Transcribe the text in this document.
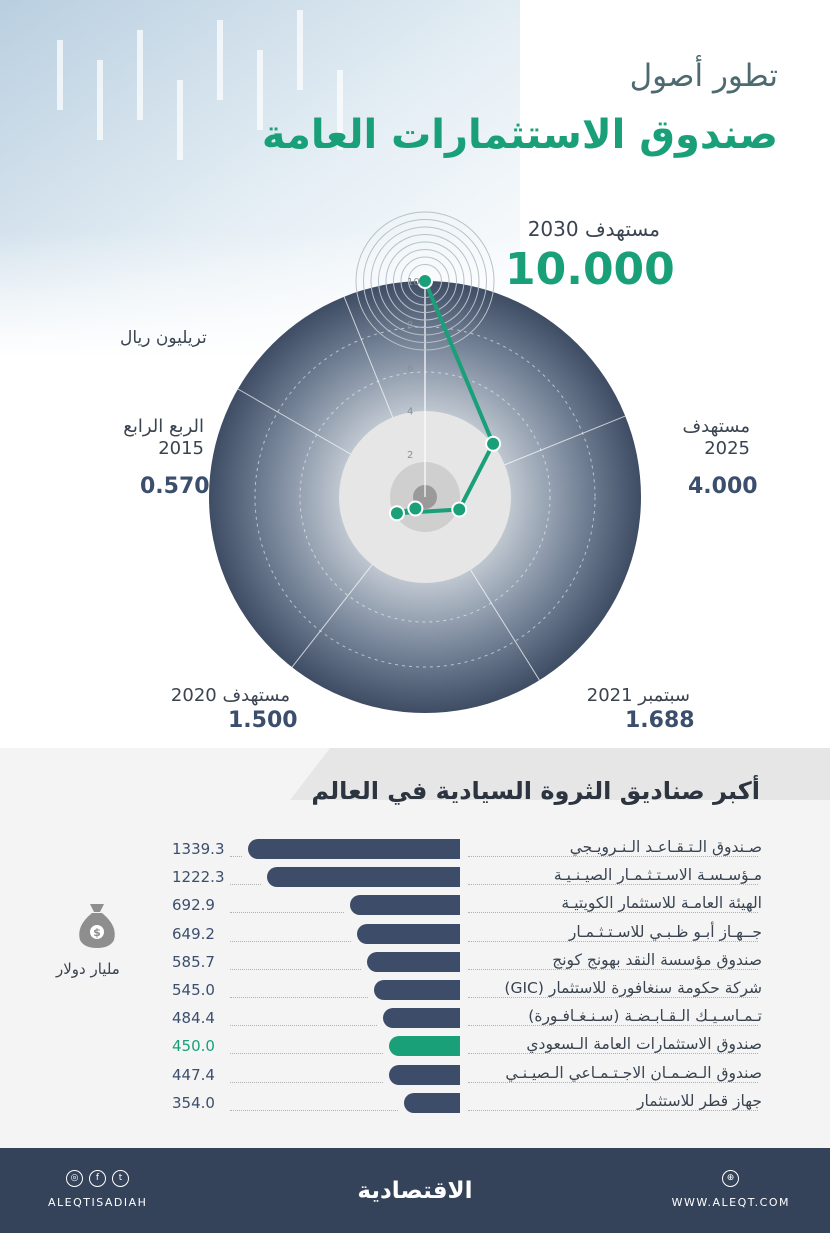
تطور أصول
صندوق الاستثمارات العامة
2
4
6
8
10
تريليون ريال
مستهدف 2030
10.000
مستهدف 2025
4.000
الربع الرابع 2015
0.570
مستهدف 2020
1.500
سبتمبر 2021
1.688
أكبر صناديق الثروة السيادية في العالم
صـندوق الـتـقـاعـد الـنـرويـجي
1339.3
مـؤسـسـة الاسـتـثـمـار الصيـنـيـة
1222.3
الهيئة العامـة للاستثمار الكويتيـة
692.9
جــهـاز أبـو ظـبـي للاسـتـثـمـار
649.2
صندوق مؤسسة النقد بهونج كونج
585.7
شركة حكومة سنغافورة للاستثمار (GIC)
545.0
تـمـاسـيـك الـقـابـضـة (سـنـغـافـورة)
484.4
صندوق الاستثمارات العامة الـسعودي
450.0
صندوق الـضـمـان الاجـتـمـاعي الـصيـنـي
447.4
جهاز قطر للاستثمار
354.0
$
مليار دولار
◎	f	t
ALEQTISADIAH	الاقتصادية	⊕
WWW.ALEQT.COM
